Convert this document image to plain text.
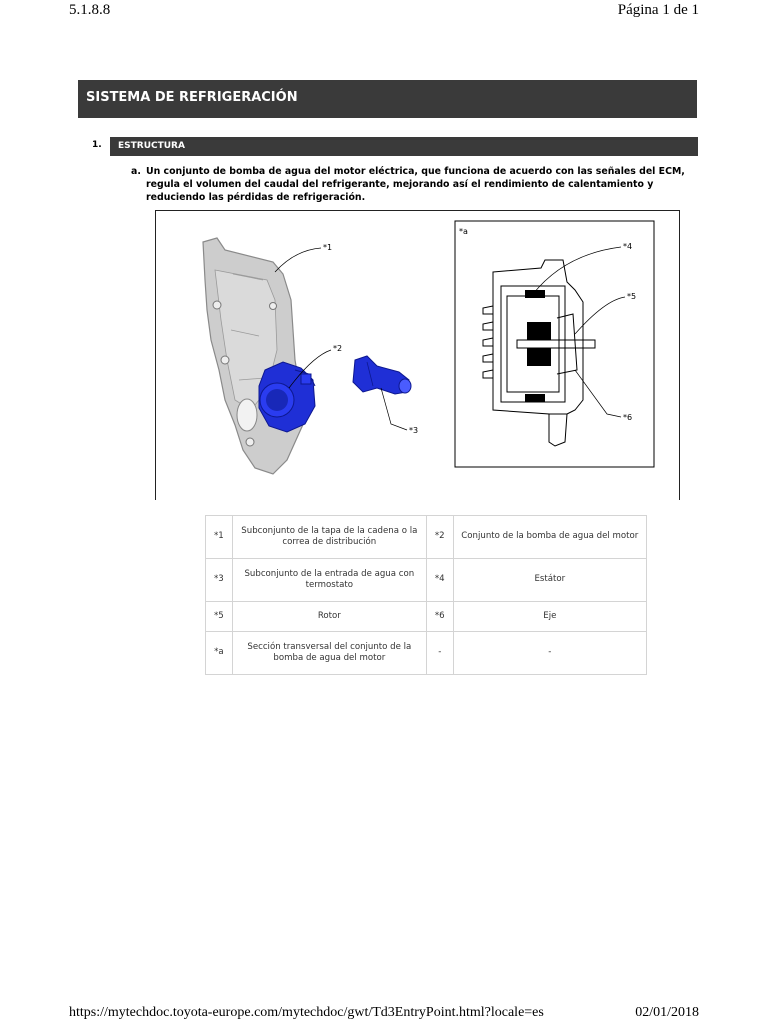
5.1.8.8	Página 1 de 1
SISTEMA DE REFRIGERACIÓN
1.	ESTRUCTURA
a. Un conjunto de bomba de agua del motor eléctrica, que funciona de acuerdo con las señales del ECM, regula el volumen del caudal del refrigerante, mejorando así el rendimiento de calentamiento y reduciendo las pérdidas de refrigeración.
*1
*2
*3
*a
*4
*5
*6
*1	Subconjunto de la tapa de la cadena o la correa de distribución	*2	Conjunto de la bomba de agua del motor
*3	Subconjunto de la entrada de agua con termostato	*4	Estátor
*5	Rotor	*6	Eje
*a	Sección transversal del conjunto de la bomba de agua del motor	-	-
https://mytechdoc.toyota-europe.com/mytechdoc/gwt/Td3EntryPoint.html?locale=es	02/01/2018
